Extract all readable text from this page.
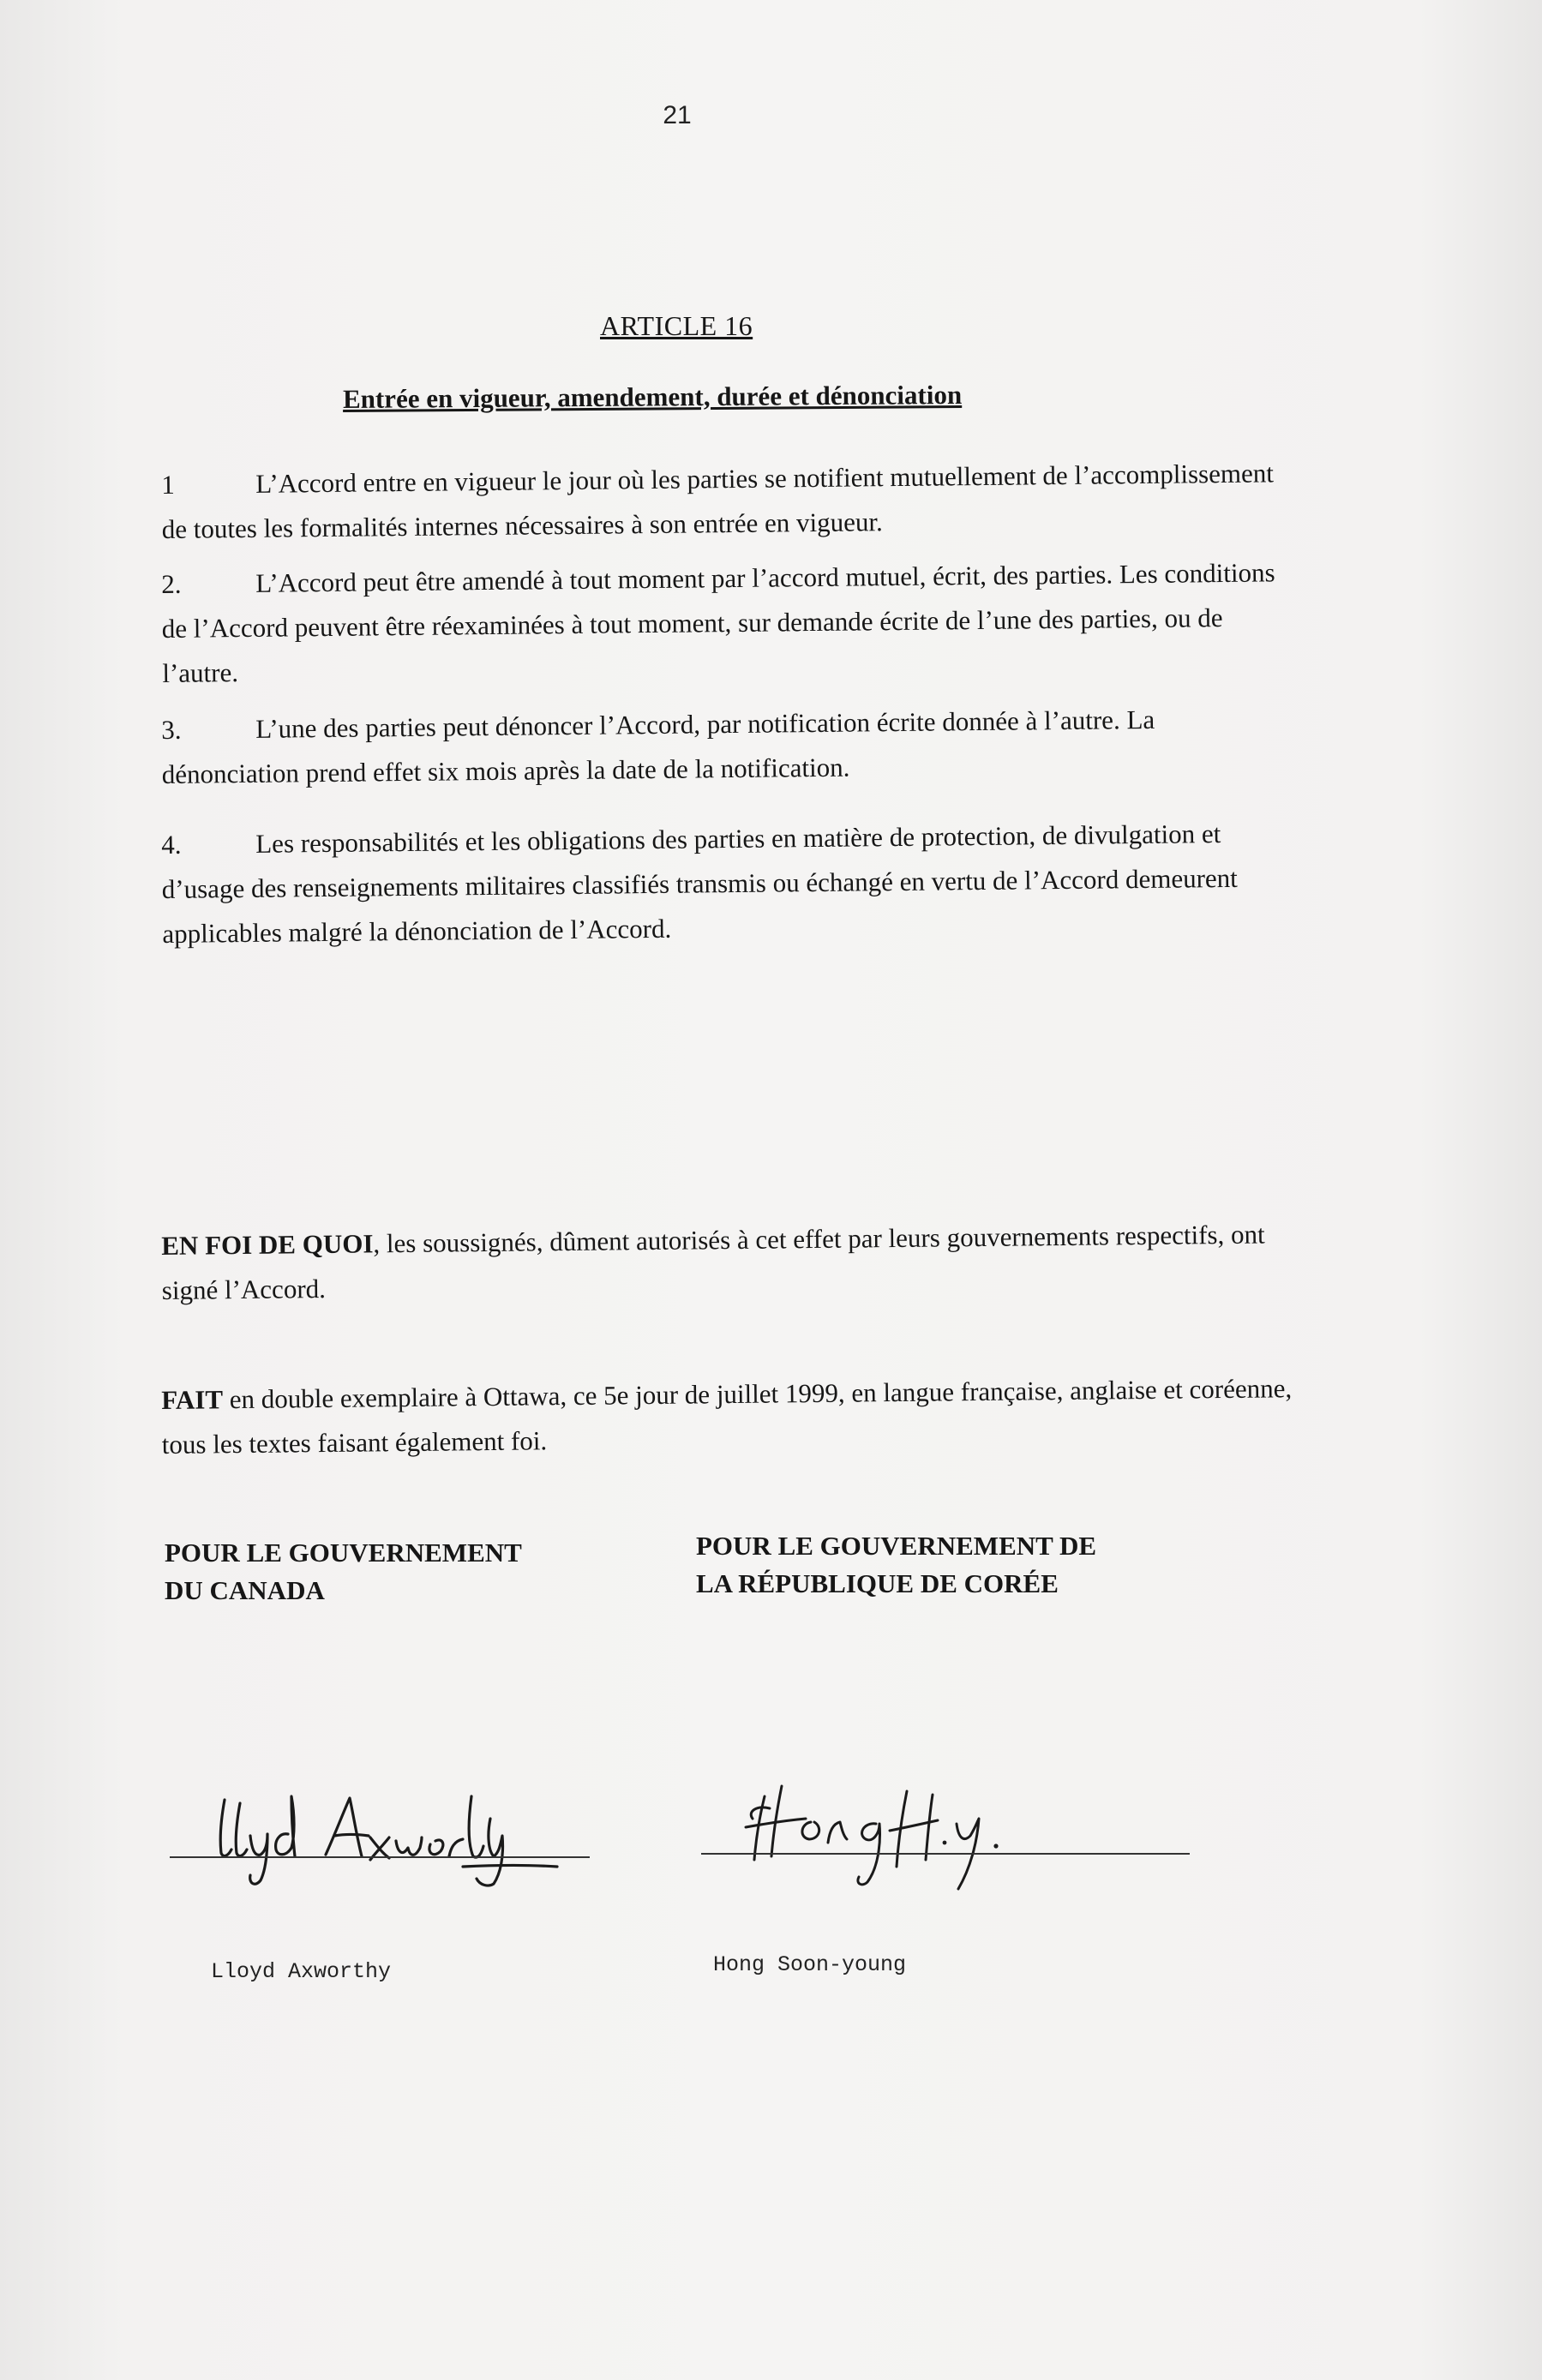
21
ARTICLE 16
Entrée en vigueur, amendement, durée et dénonciation

1	L’Accord entre en vigueur le jour où les parties se notifient mutuellement de l’accomplissement de toutes les formalités internes nécessaires à son entrée en vigueur.

2.	L’Accord peut être amendé à tout moment par l’accord mutuel, écrit, des parties. Les conditions de l’Accord peuvent être réexaminées à tout moment, sur demande écrite de l’une des parties, ou de l’autre.

3.	L’une des parties peut dénoncer l’Accord, par notification écrite donnée à l’autre. La dénonciation prend effet six mois après la date de la notification.

4.	Les responsabilités et les obligations des parties en matière de protection, de divulgation et d’usage des renseignements militaires classifiés transmis ou échangé en vertu de l’Accord demeurent applicables malgré la dénonciation de l’Accord.

EN FOI DE QUOI, les soussignés, dûment autorisés à cet effet par leurs gouvernements respectifs, ont signé l’Accord.
FAIT en double exemplaire à Ottawa, ce 5e jour de juillet 1999, en langue française, anglaise et coréenne, tous les textes faisant également foi.
POUR LE GOUVERNEMENT
DU CANADA
POUR LE GOUVERNEMENT DE
LA RÉPUBLIQUE DE CORÉE
Lloyd Axworthy	Hong Soon-young
